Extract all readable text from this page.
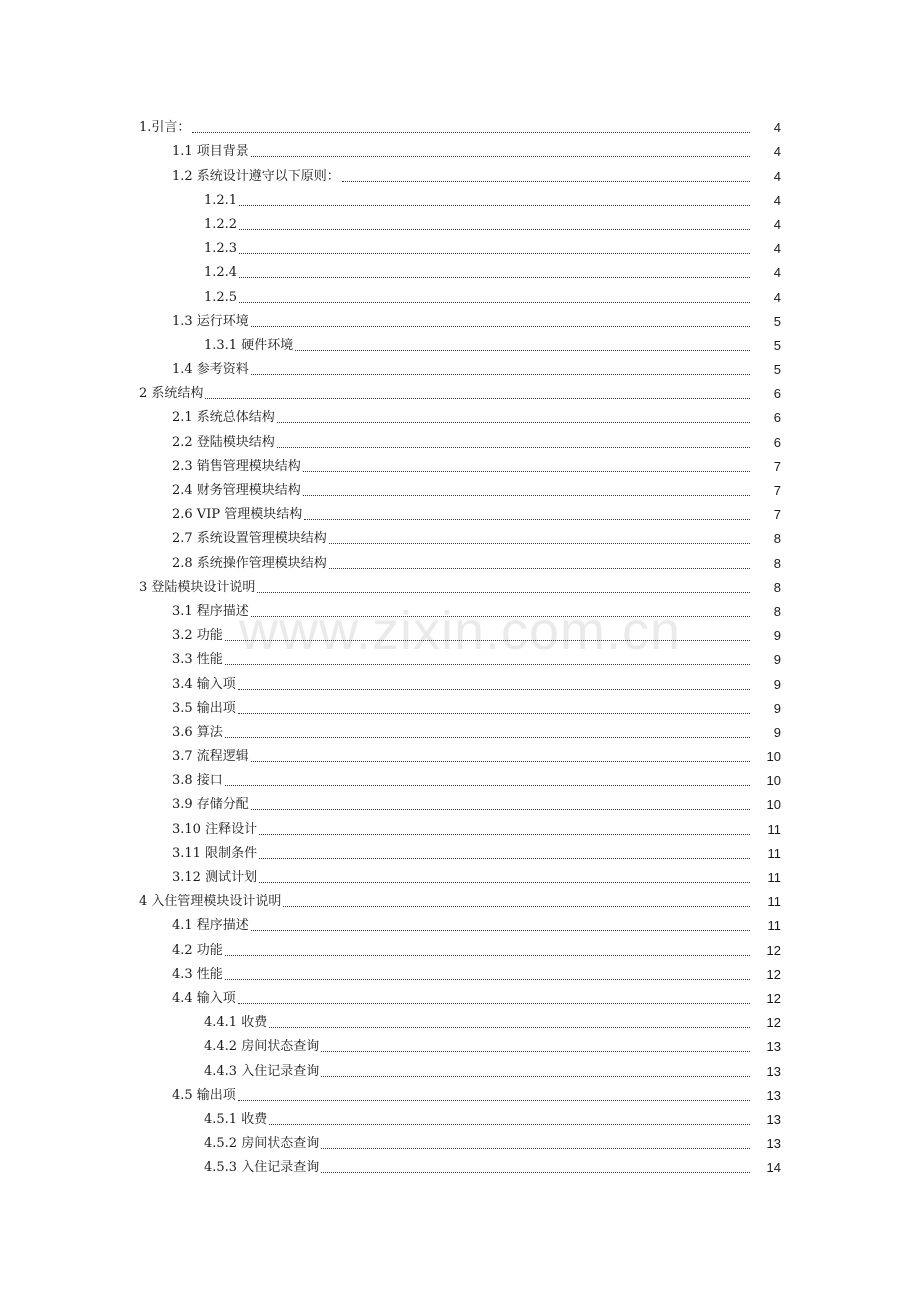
www.zixin.com.cn
1.引言：	4
1.1 项目背景	4
1.2 系统设计遵守以下原则：	4
1.2.1	4
1.2.2	4
1.2.3	4
1.2.4	4
1.2.5	4
1.3 运行环境	5
1.3.1 硬件环境	5
1.4 参考资料	5
2 系统结构	6
2.1 系统总体结构	6
2.2 登陆模块结构	6
2.3 销售管理模块结构	7
2.4 财务管理模块结构	7
2.6 VIP 管理模块结构	7
2.7 系统设置管理模块结构	8
2.8 系统操作管理模块结构	8
3 登陆模块设计说明	8
3.1 程序描述	8
3.2 功能	9
3.3 性能	9
3.4 输入项	9
3.5 输出项	9
3.6 算法	9
3.7 流程逻辑	10
3.8 接口	10
3.9 存储分配	10
3.10 注释设计	11
3.11 限制条件	11
3.12 测试计划	11
4 入住管理模块设计说明	11
4.1 程序描述	11
4.2 功能	12
4.3 性能	12
4.4 输入项	12
4.4.1 收费	12
4.4.2 房间状态查询	13
4.4.3 入住记录查询	13
4.5 输出项	13
4.5.1 收费	13
4.5.2 房间状态查询	13
4.5.3 入住记录查询	14
